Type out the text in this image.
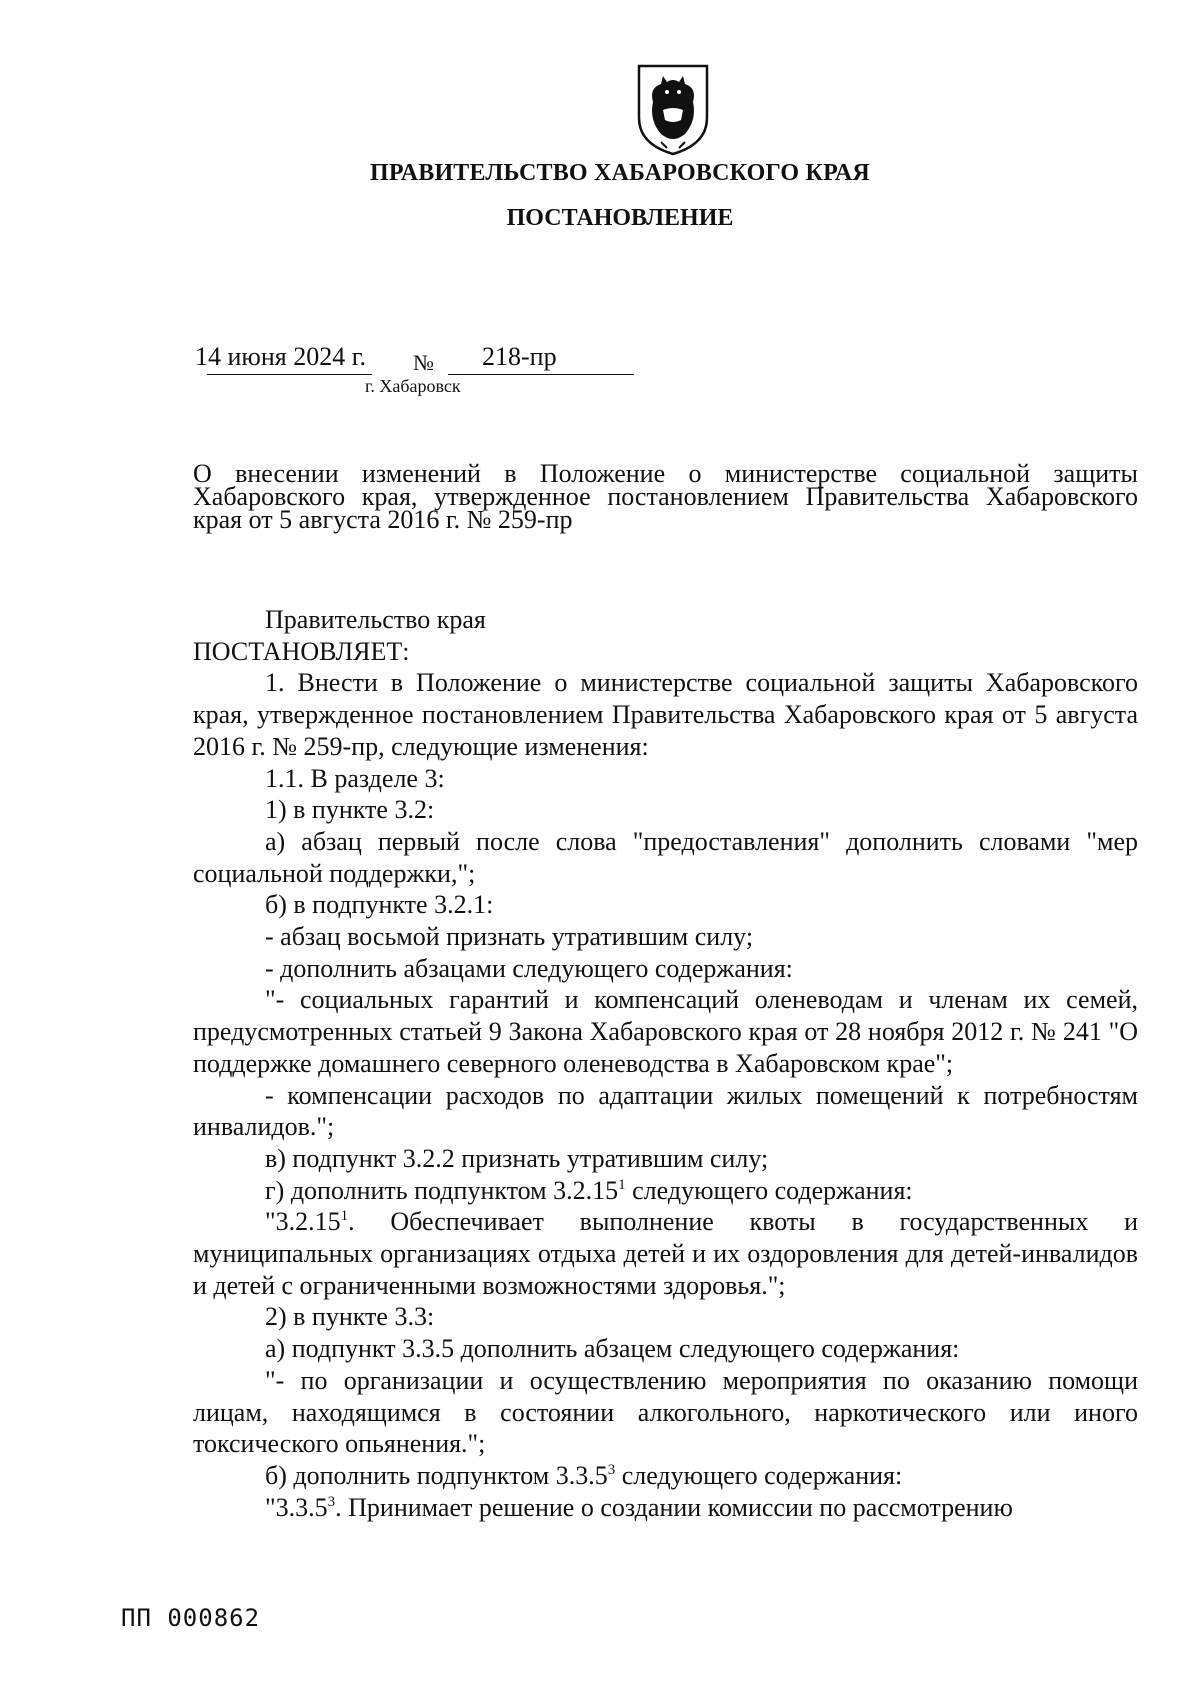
ПРАВИТЕЛЬСТВО ХАБАРОВСКОГО КРАЯ
ПОСТАНОВЛЕНИЕ
14 июня 2024 г. № 218-пр
г. Хабаровск
О внесении изменений в Положение о министерстве социальной защиты Хабаровского края, утвержденное постановлением Правительства Хабаровского края от 5 августа 2016 г. № 259-пр

Правительство края

ПОСТАНОВЛЯЕТ:

1. Внести в Положение о министерстве социальной защиты Хабаровского края, утвержденное постановлением Правительства Хабаровского края от 5 августа 2016 г. № 259-пр, следующие изменения:

1.1. В разделе 3:

1) в пункте 3.2:

а) абзац первый после слова "предоставления" дополнить словами "мер социальной поддержки,";

б) в подпункте 3.2.1:

- абзац восьмой признать утратившим силу;

- дополнить абзацами следующего содержания:

"- социальных гарантий и компенсаций оленеводам и членам их семей, предусмотренных статьей 9 Закона Хабаровского края от 28 ноября 2012 г. № 241 "О поддержке домашнего северного оленеводства в Хабаровском крае";

- компенсации расходов по адаптации жилых помещений к потребностям инвалидов.";

в) подпункт 3.2.2 признать утратившим силу;

г) дополнить подпунктом 3.2.15$^1$ следующего содержания:

"3.2.15$^1$. Обеспечивает выполнение квоты в государственных и муниципальных организациях отдыха детей и их оздоровления для детей-инвалидов и детей с ограниченными возможностями здоровья.";

2) в пункте 3.3:

а) подпункт 3.3.5 дополнить абзацем следующего содержания:

"- по организации и осуществлению мероприятия по оказанию помощи лицам, находящимся в состоянии алкогольного, наркотического или иного токсического опьянения.";

б) дополнить подпунктом 3.3.5$^3$ следующего содержания:

"3.3.5$^3$. Принимает решение о создании комиссии по рассмотрению

ПП 000862
